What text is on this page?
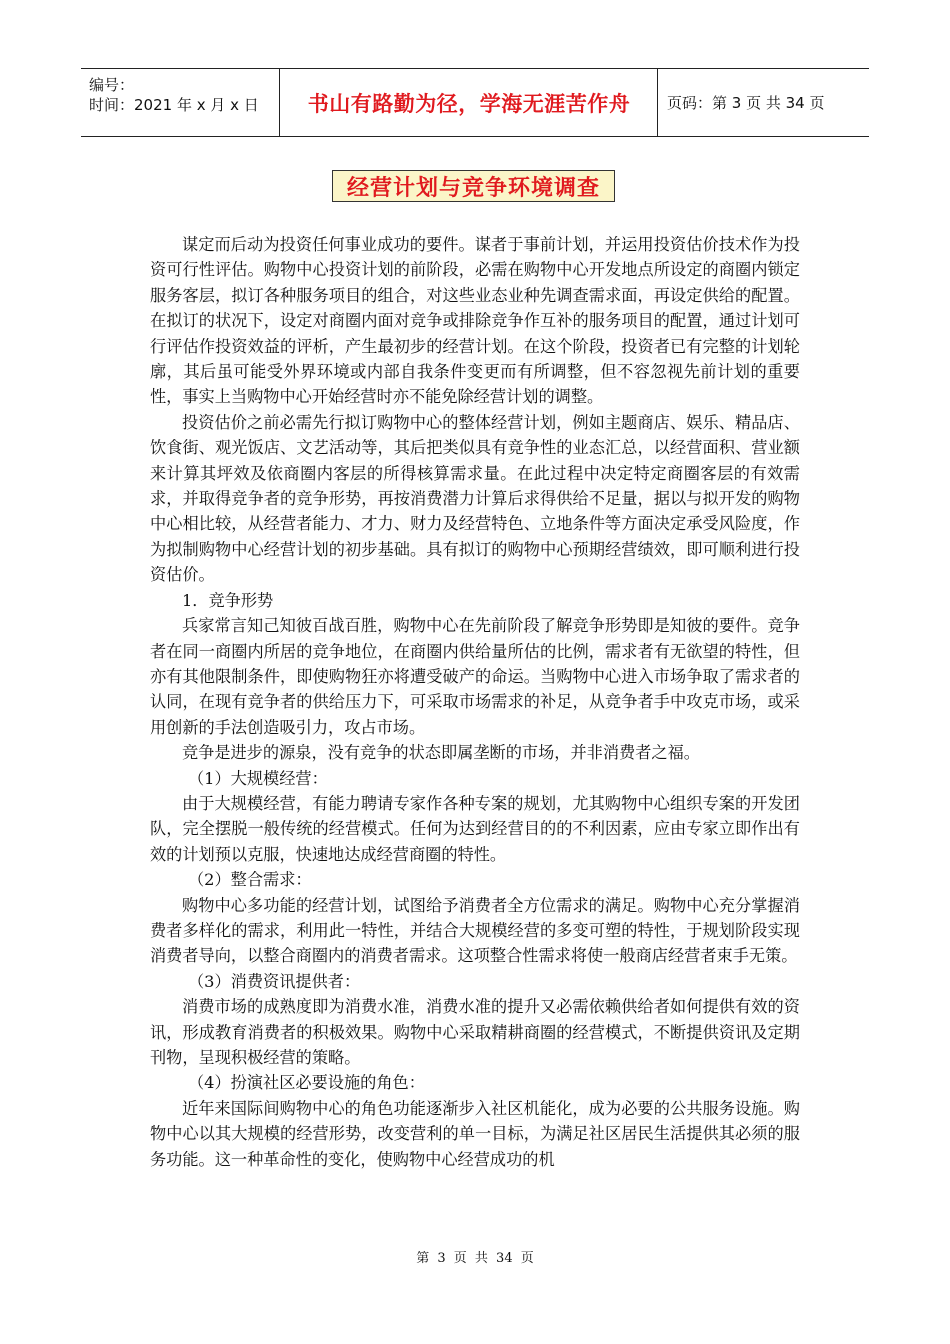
编号：
时间：2021 年 x 月 x 日 书山有路勤为径，学海无涯苦作舟	页码：第 3 页 共 34 页
经营计划与竞争环境调查

谋定而后动为投资任何事业成功的要件。谋者于事前计划，并运用投资估价技术作为投资可行性评估。购物中心投资计划的前阶段，必需在购物中心开发地点所设定的商圈内锁定服务客层，拟订各种服务项目的组合，对这些业态业种先调查需求面，再设定供给的配置。在拟订的状况下，设定对商圈内面对竞争或排除竞争作互补的服务项目的配置，通过计划可行评估作投资效益的评析，产生最初步的经营计划。在这个阶段，投资者已有完整的计划轮廓，其后虽可能受外界环境或内部自我条件变更而有所调整，但不容忽视先前计划的重要性，事实上当购物中心开始经营时亦不能免除经营计划的调整。

投资估价之前必需先行拟订购物中心的整体经营计划，例如主题商店、娱乐、精品店、饮食街、观光饭店、文艺活动等，其后把类似具有竞争性的业态汇总，以经营面积、营业额来计算其坪效及依商圈内客层的所得核算需求量。在此过程中决定特定商圈客层的有效需求，并取得竞争者的竞争形势，再按消费潜力计算后求得供给不足量，据以与拟开发的购物中心相比较，从经营者能力、才力、财力及经营特色、立地条件等方面决定承受风险度，作为拟制购物中心经营计划的初步基础。具有拟订的购物中心预期经营绩效，即可顺利进行投资估价。

1．竞争形势

兵家常言知己知彼百战百胜，购物中心在先前阶段了解竞争形势即是知彼的要件。竞争者在同一商圈内所居的竞争地位，在商圈内供给量所估的比例，需求者有无欲望的特性，但亦有其他限制条件，即使购物狂亦将遭受破产的命运。当购物中心进入市场争取了需求者的认同，在现有竞争者的供给压力下，可采取市场需求的补足，从竞争者手中攻克市场，或采用创新的手法创造吸引力，攻占市场。

竞争是进步的源泉，没有竞争的状态即属垄断的市场，并非消费者之福。

（1）大规模经营：

由于大规模经营，有能力聘请专家作各种专案的规划，尤其购物中心组织专案的开发团队，完全摆脱一般传统的经营模式。任何为达到经营目的的不利因素，应由专家立即作出有效的计划预以克服，快速地达成经营商圈的特性。

（2）整合需求：

购物中心多功能的经营计划，试图给予消费者全方位需求的满足。购物中心充分掌握消费者多样化的需求，利用此一特性，并结合大规模经营的多变可塑的特性，于规划阶段实现消费者导向，以整合商圈内的消费者需求。这项整合性需求将使一般商店经营者束手无策。

（3）消费资讯提供者：

消费市场的成熟度即为消费水准，消费水准的提升又必需依赖供给者如何提供有效的资讯，形成教育消费者的积极效果。购物中心采取精耕商圈的经营模式，不断提供资讯及定期刊物，呈现积极经营的策略。

（4）扮演社区必要设施的角色：

近年来国际间购物中心的角色功能逐渐步入社区机能化，成为必要的公共服务设施。购物中心以其大规模的经营形势，改变营利的单一目标，为满足社区居民生活提供其必须的服务功能。这一种革命性的变化，使购物中心经营成功的机

第 3 页 共 34 页
